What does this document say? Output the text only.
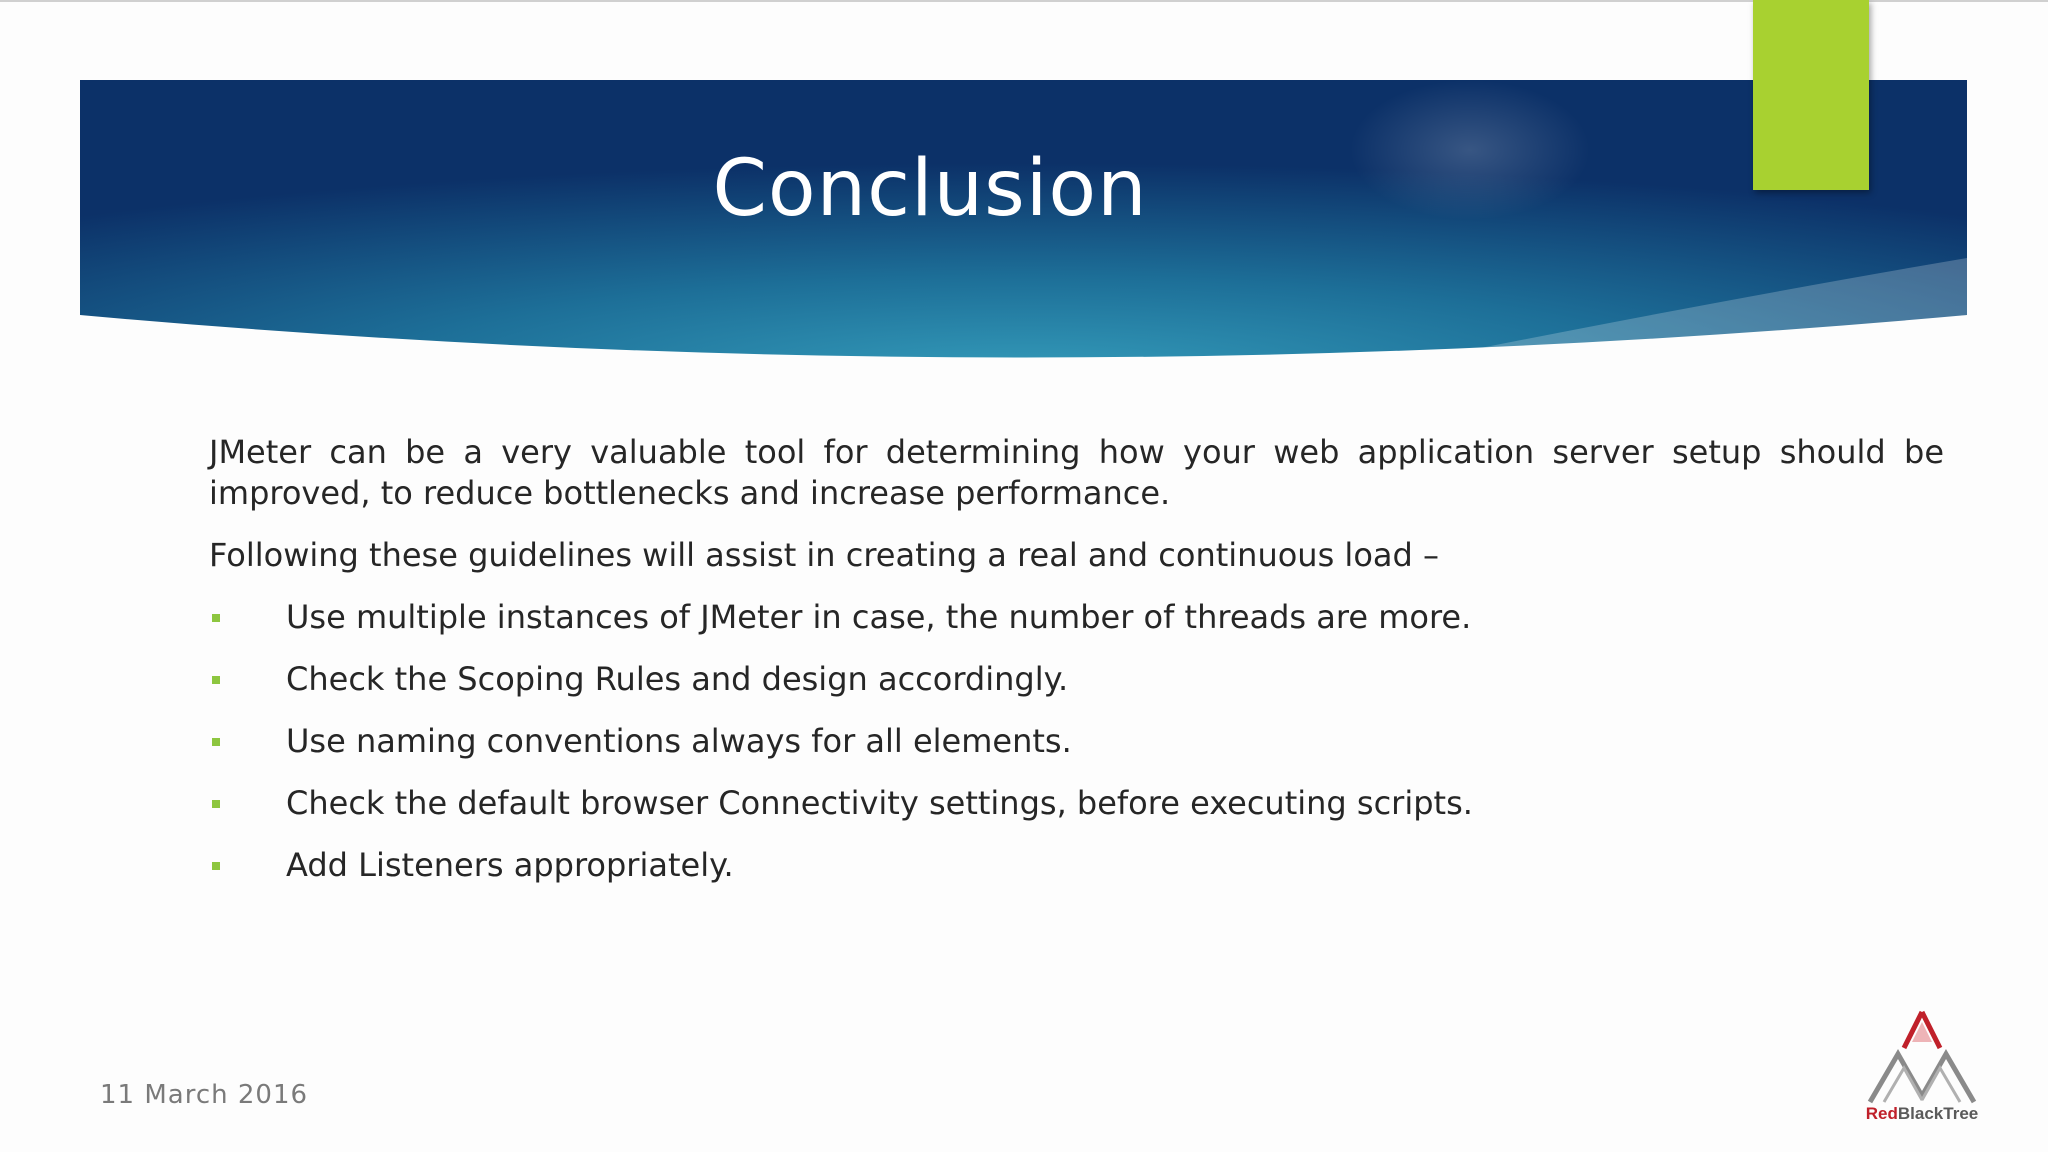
Conclusion

JMeter can be a very valuable tool for determining how your web application server setup should be improved, to reduce bottlenecks and increase performance.

Following these guidelines will assist in creating a real and continuous load –

Use multiple instances of JMeter in case, the number of threads are more.
Check the Scoping Rules and design accordingly.
Use naming conventions always for all elements.
Check the default browser Connectivity settings, before executing scripts.
Add Listeners appropriately.
11 March 2016
RedBlackTree
